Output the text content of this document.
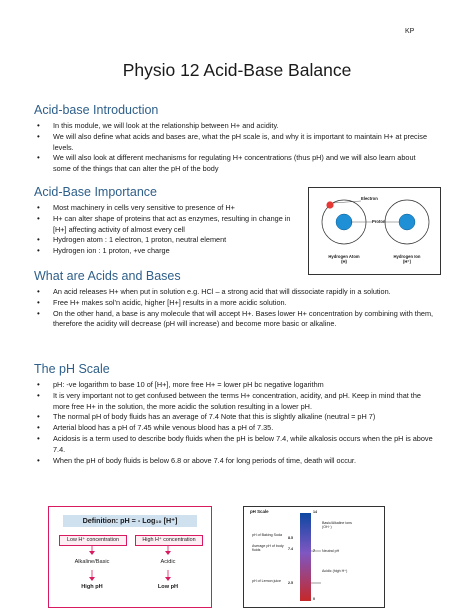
KP
Physio 12 Acid-Base Balance
Acid-base Introduction
• In this module, we will look at the relationship between H+ and acidity.
• We will also define what acids and bases are, what the pH scale is, and why it is important to maintain H+ at precise levels.
• We will also look at different mechanisms for regulating H+ concentrations (thus pH) and we will also learn about some of the things that can alter the pH of the body
Acid-Base Importance
• Most machinery in cells very sensitive to presence of H+
• H+ can alter shape of proteins that act as enzymes, resulting in change in [H+] affecting activity of almost every cell
• Hydrogen atom : 1 electron, 1 proton, neutral element
• Hydrogen ion : 1 proton, +ve charge
Electron
Proton
Hydrogen Atom
(H)
Hydrogen Ion
(H⁺)
What are Acids and Bases
• An acid releases H+ when put in solution e.g. HCl – a strong acid that will dissociate rapidly in a solution.
• Free H+ makes sol’n acidic, higher [H+] results in a more acidic solution.
• On the other hand, a base is any molecule that will accept H+. Bases lower H+ concentration by combining with them, therefore the acidity will decrease (pH will increase) and become more basic or alkaline.
The pH Scale
• pH: -ve logarithm to base 10 of [H+], more free H+ = lower pH bc negative logarithm
• It is very important not to get confused between the terms H+ concentration, acidity, and pH. Keep in mind that the more free H+ in the solution, the more acidic the solution resulting in a lower pH.
• The normal pH of body fluids has an average of 7.4 Note that this is slightly alkaline (neutral = pH 7)
• Arterial blood has a pH of 7.45 while venous blood has a pH of 7.35.
• Acidosis is a term used to describe body fluids when the pH is below 7.4, while alkalosis occurs when the pH is above 7.4.
• When the pH of body fluids is below 6.8 or above 7.4 for long periods of time, death will occur.
Definition: pH = - Log₁₀ [H⁺]
Low H⁺ concentration	High H⁺ concentration
Alkaline/Basic	Acidic
High pH	Low pH
pH Scale	14
Basic/Alkaline ions (OH⁻)
pH of Baking Soda
8.5
Average pH of body fluids	7.4	7 Neutral pH
Acidic (high H⁺)
pH of Lemon juice	2.5
0
